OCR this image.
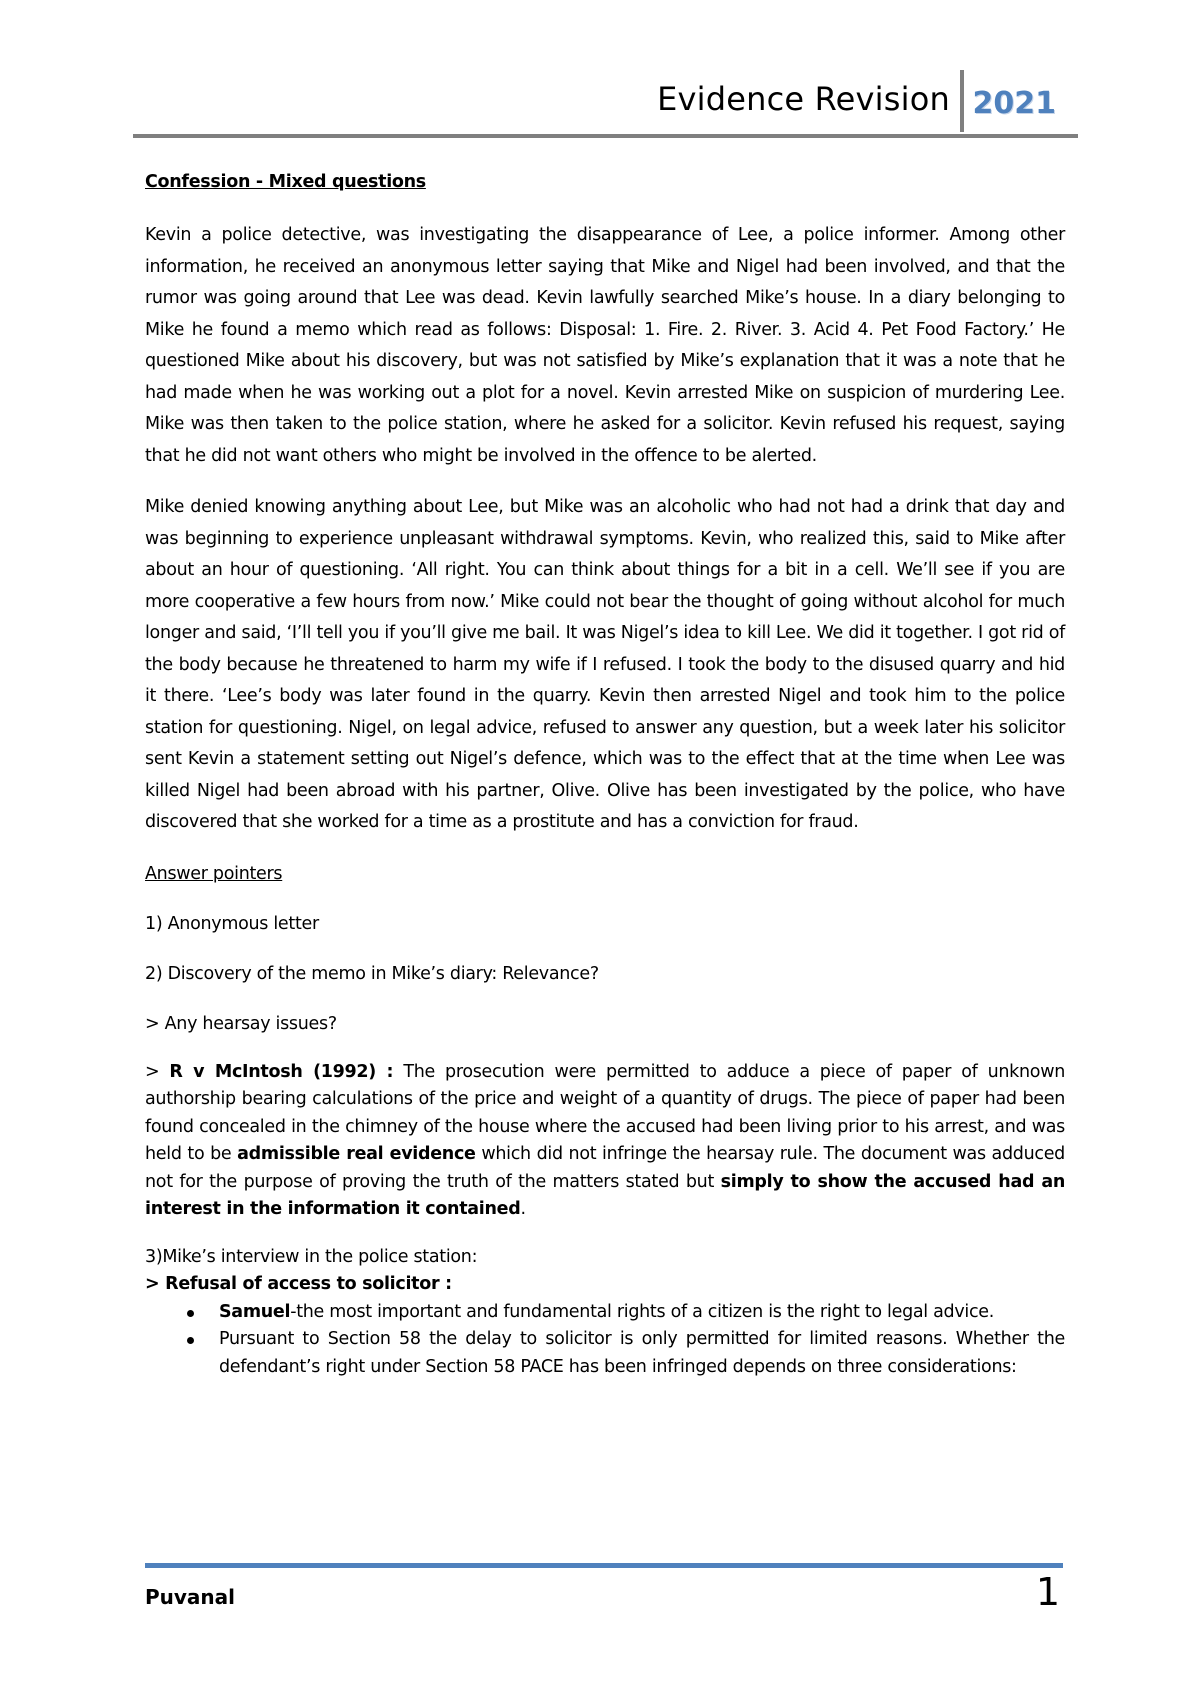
Evidence Revision 2021
Confession - Mixed questions

Kevin a police detective, was investigating the disappearance of Lee, a police informer. Among other information, he received an anonymous letter saying that Mike and Nigel had been involved, and that the rumor was going around that Lee was dead. Kevin lawfully searched Mike’s house. In a diary belonging to Mike he found a memo which read as follows: Disposal: 1. Fire. 2. River. 3. Acid 4. Pet Food Factory.’ He questioned Mike about his discovery, but was not satisfied by Mike’s explanation that it was a note that he had made when he was working out a plot for a novel. Kevin arrested Mike on suspicion of murdering Lee. Mike was then taken to the police station, where he asked for a solicitor. Kevin refused his request, saying that he did not want others who might be involved in the offence to be alerted.

Mike denied knowing anything about Lee, but Mike was an alcoholic who had not had a drink that day and was beginning to experience unpleasant withdrawal symptoms. Kevin, who realized this, said to Mike after about an hour of questioning. ‘All right. You can think about things for a bit in a cell. We’ll see if you are more cooperative a few hours from now.’ Mike could not bear the thought of going without alcohol for much longer and said, ‘I’ll tell you if you’ll give me bail. It was Nigel’s idea to kill Lee. We did it together. I got rid of the body because he threatened to harm my wife if I refused. I took the body to the disused quarry and hid it there. ‘Lee’s body was later found in the quarry. Kevin then arrested Nigel and took him to the police station for questioning. Nigel, on legal advice, refused to answer any question, but a week later his solicitor sent Kevin a statement setting out Nigel’s defence, which was to the effect that at the time when Lee was killed Nigel had been abroad with his partner, Olive. Olive has been investigated by the police, who have discovered that she worked for a time as a prostitute and has a conviction for fraud.

Answer pointers
1) Anonymous letter
2) Discovery of the memo in Mike’s diary: Relevance?
> Any hearsay issues?

> R v McIntosh (1992) : The prosecution were permitted to adduce a piece of paper of unknown authorship bearing calculations of the price and weight of a quantity of drugs. The piece of paper had been found concealed in the chimney of the house where the accused had been living prior to his arrest, and was held to be admissible real evidence which did not infringe the hearsay rule. The document was adduced not for the purpose of proving the truth of the matters stated but simply to show the accused had an interest in the information it contained.

3)Mike’s interview in the police station:
> Refusal of access to solicitor :
Samuel-the most important and fundamental rights of a citizen is the right to legal advice.
Pursuant to Section 58 the delay to solicitor is only permitted for limited reasons. Whether the defendant’s right under Section 58 PACE has been infringed depends on three considerations:
Puvanal	1
